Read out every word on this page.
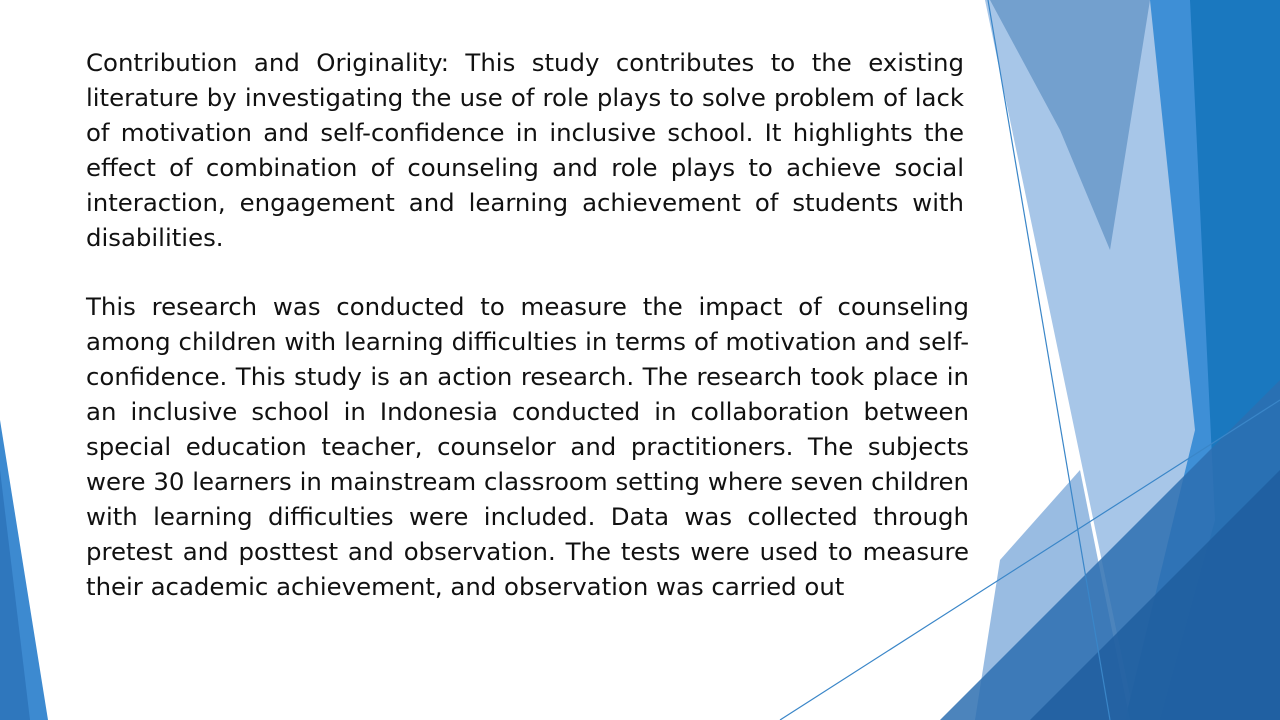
Contribution and Originality: This study contributes to the existing literature by investigating the use of role plays to solve problem of lack of motivation and self-confidence in inclusive school. It highlights the effect of combination of counseling and role plays to achieve social interaction, engagement and learning achievement of students with disabilities.

This research was conducted to measure the impact of counseling among children with learning difficulties in terms of motivation and self-confidence. This study is an action research. The research took place in an inclusive school in Indonesia conducted in collaboration between special education teacher, counselor and practitioners. The subjects were 30 learners in mainstream classroom setting where seven children with learning difficulties were included. Data was collected through pretest and posttest and observation. The tests were used to measure their academic achievement, and observation was carried out
